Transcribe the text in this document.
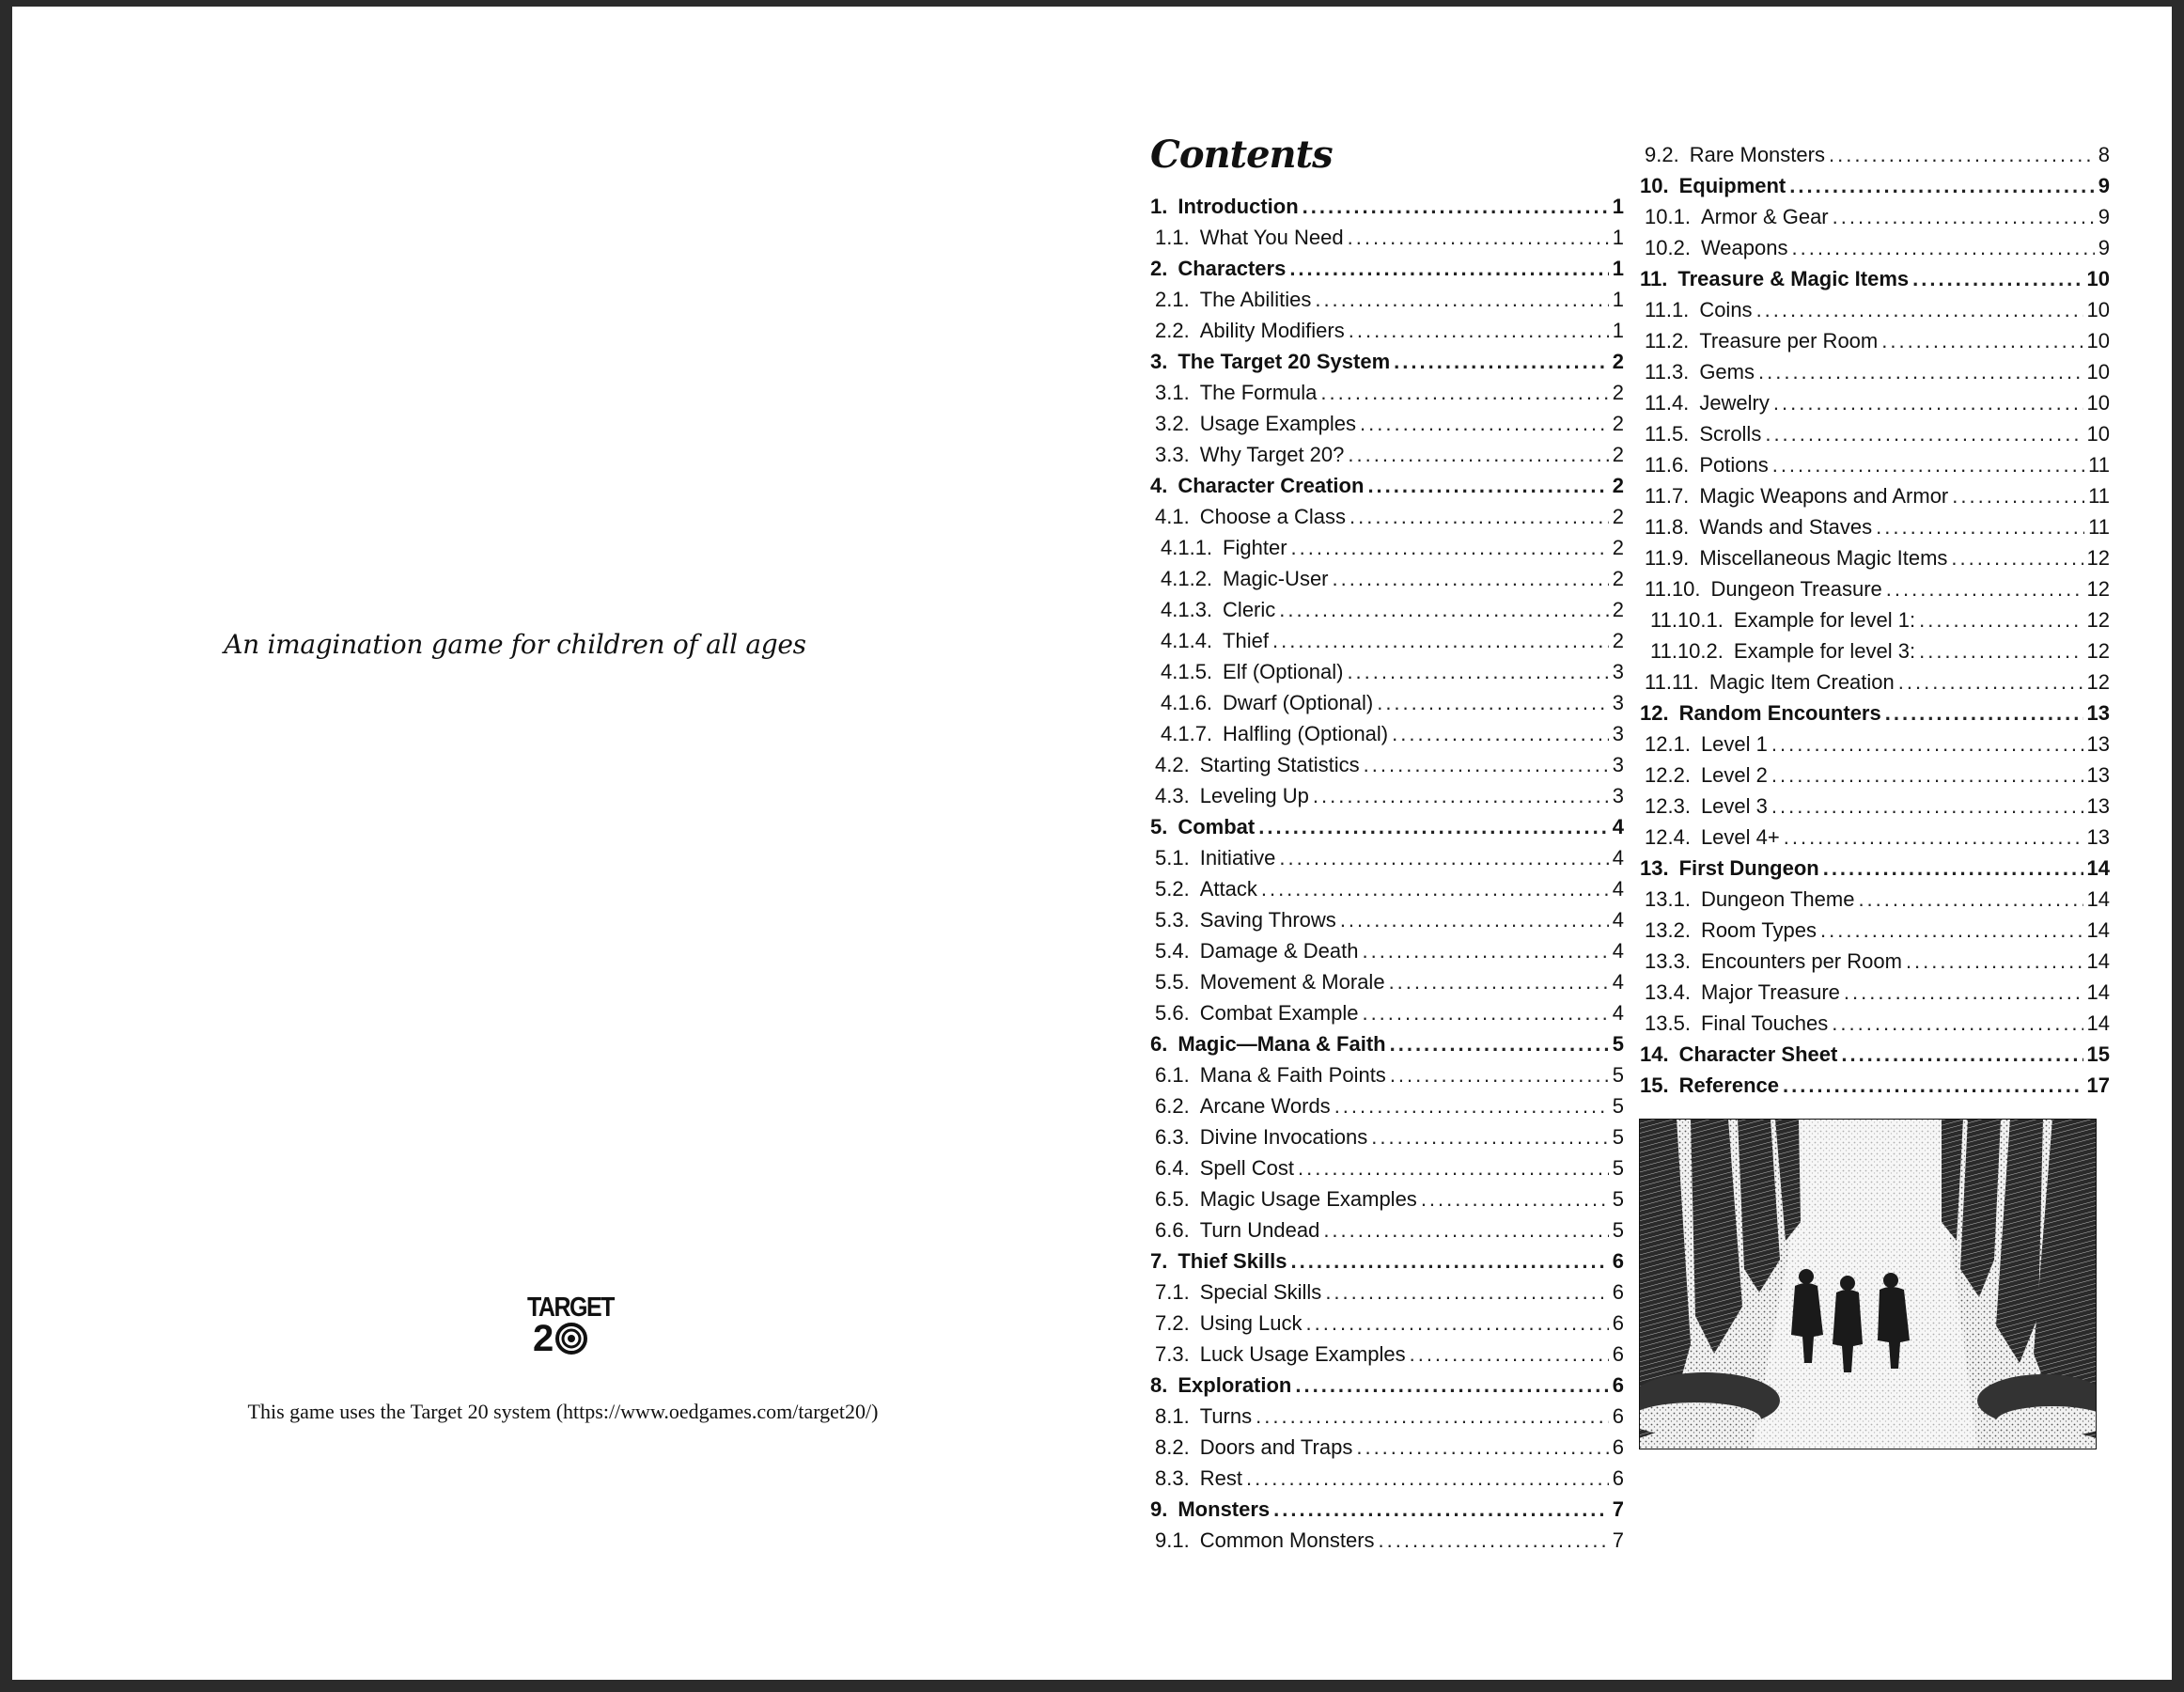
An imagination game for children of all ages
TARGET
2
This game uses the Target 20 system (https://www.oedgames.com/target20/)
Contents
1. Introduction .....	1
1.1. What You Need .....	1
2. Characters .....	1
2.1. The Abilities .....	1
2.2. Ability Modifiers .....	1
3. The Target 20 System .....	2
3.1. The Formula .....	2
3.2. Usage Examples .....	2
3.3. Why Target 20? .....	2
4. Character Creation .....	2
4.1. Choose a Class .....	2
4.1.1. Fighter .....	2
4.1.2. Magic-User .....	2
4.1.3. Cleric .....	2
4.1.4. Thief .....	2
4.1.5. Elf (Optional) .....	3
4.1.6. Dwarf (Optional) .....	3
4.1.7. Halfling (Optional) .....	3
4.2. Starting Statistics .....	3
4.3. Leveling Up .....	3
5. Combat .....	4
5.1. Initiative .....	4
5.2. Attack .....	4
5.3. Saving Throws .....	4
5.4. Damage & Death .....	4
5.5. Movement & Morale .....	4
5.6. Combat Example .....	4
6. Magic—Mana & Faith .....	5
6.1. Mana & Faith Points .....	5
6.2. Arcane Words .....	5
6.3. Divine Invocations .....	5
6.4. Spell Cost .....	5
6.5. Magic Usage Examples .....	5
6.6. Turn Undead .....	5
7. Thief Skills .....	6
7.1. Special Skills .....	6
7.2. Using Luck .....	6
7.3. Luck Usage Examples .....	6
8. Exploration .....	6
8.1. Turns .....	6
8.2. Doors and Traps .....	6
8.3. Rest .....	6
9. Monsters .....	7
9.1. Common Monsters .....	7
9.2. Rare Monsters .....	8
10. Equipment .....	9
10.1. Armor & Gear .....	9
10.2. Weapons .....	9
11. Treasure & Magic Items .....	10
11.1. Coins .....	10
11.2. Treasure per Room .....	10
11.3. Gems .....	10
11.4. Jewelry .....	10
11.5. Scrolls .....	10
11.6. Potions .....	11
11.7. Magic Weapons and Armor .....	11
11.8. Wands and Staves .....	11
11.9. Miscellaneous Magic Items .....	12
11.10. Dungeon Treasure .....	12
11.10.1. Example for level 1: .....	12
11.10.2. Example for level 3: .....	12
11.11. Magic Item Creation .....	12
12. Random Encounters .....	13
12.1. Level 1 .....	13
12.2. Level 2 .....	13
12.3. Level 3 .....	13
12.4. Level 4+ .....	13
13. First Dungeon .....	14
13.1. Dungeon Theme .....	14
13.2. Room Types .....	14
13.3. Encounters per Room .....	14
13.4. Major Treasure .....	14
13.5. Final Touches .....	14
14. Character Sheet .....	15
15. Reference .....	17
